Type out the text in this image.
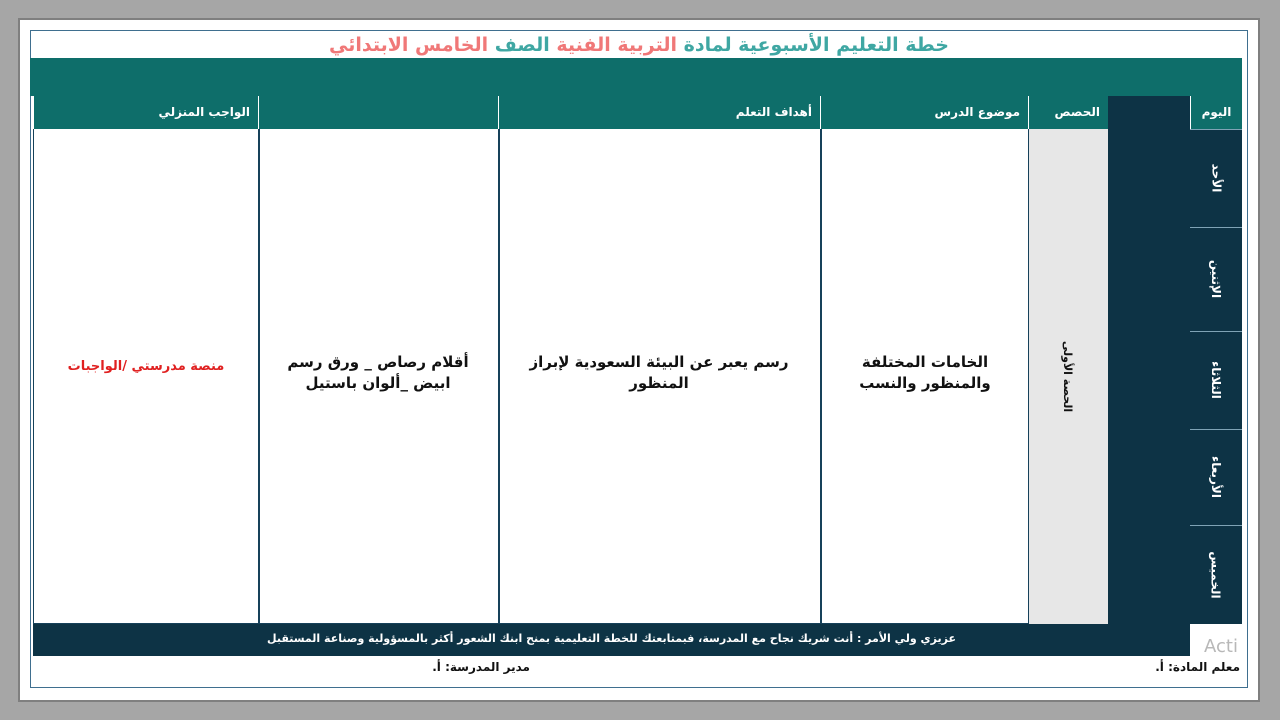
خطة التعليم الأسبوعية لمادة التربية الفنية الصف الخامس الابتدائي
اليوم
الحصص
موضوع الدرس
أهداف التعلم
الواجب المنزلي
الأحد
الإثنين
الثلاثاء
الأربعاء
الخميس
الحصة الأولى
الخامات المختلفة والمنظور والنسب
رسم يعبر عن البيئة السعودية لإبراز المنظور
أقلام رصاص _ ورق رسم ابيض _ألوان باستيل
منصة مدرستي /الواجبات
عزيزي ولي الأمر : أنت شريك نجاح مع المدرسة، فبمتابعتك للخطة التعليمية بمنح ابنك الشعور أكثر بالمسؤولية وصناعة المستقبل
معلم المادة: أ.
مدير المدرسة: أ.
Acti
